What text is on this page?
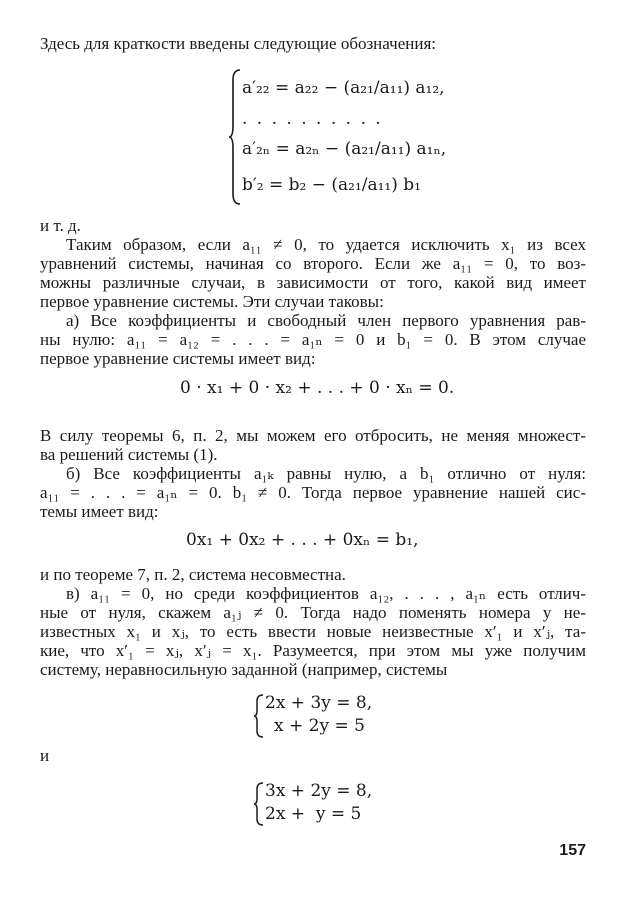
Здесь для краткости введены следующие обозначения:
a′₂₂ = a₂₂ − (a₂₁/a₁₁) a₁₂,
. . . . . . . . . .
a′₂ₙ = a₂ₙ − (a₂₁/a₁₁) a₁ₙ,
b′₂ = b₂ − (a₂₁/a₁₁) b₁
и т. д.
Таким образом, если a₁₁ ≠ 0, то удается исключить x₁ из всех
уравнений системы, начиная со второго. Если же a₁₁ = 0, то воз-
можны различные случаи, в зависимости от того, какой вид имеет
первое уравнение системы. Эти случаи таковы:
а) Все коэффициенты и свободный член первого уравнения рав-
ны нулю: a₁₁ = a₁₂ = . . . = a₁ₙ = 0 и b₁ = 0. В этом случае
первое уравнение системы имеет вид:
0 · x₁ + 0 · x₂ + . . . + 0 · xₙ = 0.
В силу теоремы 6, п. 2, мы можем его отбросить, не меняя множест-
ва решений системы (1).
б) Все коэффициенты a₁ₖ равны нулю, а b₁ отлично от нуля:
a₁₁ = . . . = a₁ₙ = 0. b₁ ≠ 0. Тогда первое уравнение нашей сис-
темы имеет вид:
0x₁ + 0x₂ + . . . + 0xₙ = b₁,
и по теореме 7, п. 2, система несовместна.
в) a₁₁ = 0, но среди коэффициентов a₁₂, . . . , a₁ₙ есть отлич-
ные от нуля, скажем a₁ⱼ ≠ 0. Тогда надо поменять номера у не-
известных x₁ и xⱼ, то есть ввести новые неизвестные x′₁ и x′ⱼ, та-
кие, что x′₁ = xⱼ, x′ⱼ = x₁. Разумеется, при этом мы уже получим
систему, неравносильную заданной (например, системы
2x + 3y = 8,
x + 2y = 5
и
3x + 2y = 8,
2x +  y = 5
157
